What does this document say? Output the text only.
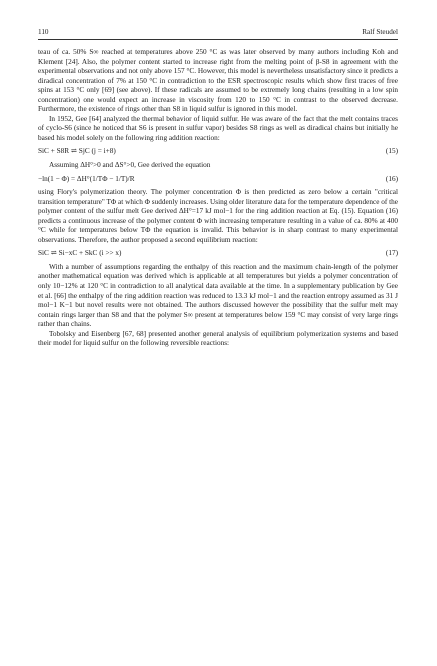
110	Ralf Steudel

teau of ca. 50% S∞ reached at temperatures above 250 °C as was later observed by many authors including Koh and Klement [24]. Also, the polymer content started to increase right from the melting point of β-S8 in agreement with the experimental observations and not only above 157 °C. However, this model is nevertheless unsatisfactory since it predicts a diradical concentration of 7% at 150 °C in contradiction to the ESR spectroscopic results which show first traces of free spins at 153 °C only [69] (see above). If these radicals are assumed to be extremely long chains (resulting in a low spin concentration) one would expect an increase in viscosity from 120 to 150 °C in contrast to the observed decrease. Furthermore, the existence of rings other than S8 in liquid sulfur is ignored in this model.

In 1952, Gee [64] analyzed the thermal behavior of liquid sulfur. He was aware of the fact that the melt contains traces of cyclo-S6 (since he noticed that S6 is present in sulfur vapor) besides S8 rings as well as diradical chains but initially he based his model solely on the following ring addition reaction:

SiC + S8R ⇌ SjC (j = i+8)	(15)

Assuming ΔH°>0 and ΔS°>0, Gee derived the equation

−ln(1 − Φ) = ΔH°(1/TΦ − 1/T)/R	(16)

using Flory's polymerization theory. The polymer concentration Φ is then predicted as zero below a certain "critical transition temperature" TΦ at which Φ suddenly increases. Using older literature data for the temperature dependence of the polymer content of the sulfur melt Gee derived ΔH°=17 kJ mol−1 for the ring addition reaction at Eq. (15). Equation (16) predicts a continuous increase of the polymer content Φ with increasing temperature resulting in a value of ca. 80% at 400 °C while for temperatures below TΦ the equation is invalid. This behavior is in sharp contrast to many experimental observations. Therefore, the author proposed a second equilibrium reaction:

SiC ⇌ Si−xC + SkC (i >> x)	(17)

With a number of assumptions regarding the enthalpy of this reaction and the maximum chain-length of the polymer another mathematical equation was derived which is applicable at all temperatures but yields a polymer concentration of only 10−12% at 120 °C in contradiction to all analytical data available at the time. In a supplementary publication by Gee et al. [66] the enthalpy of the ring addition reaction was reduced to 13.3 kJ mol−1 and the reaction entropy assumed as 31 J mol−1 K−1 but novel results were not obtained. The authors discussed however the possibility that the sulfur melt may contain rings larger than S8 and that the polymer S∞ present at temperatures below 159 °C may consist of very large rings rather than chains.

Tobolsky and Eisenberg [67, 68] presented another general analysis of equilibrium polymerization systems and based their model for liquid sulfur on the following reversible reactions:
